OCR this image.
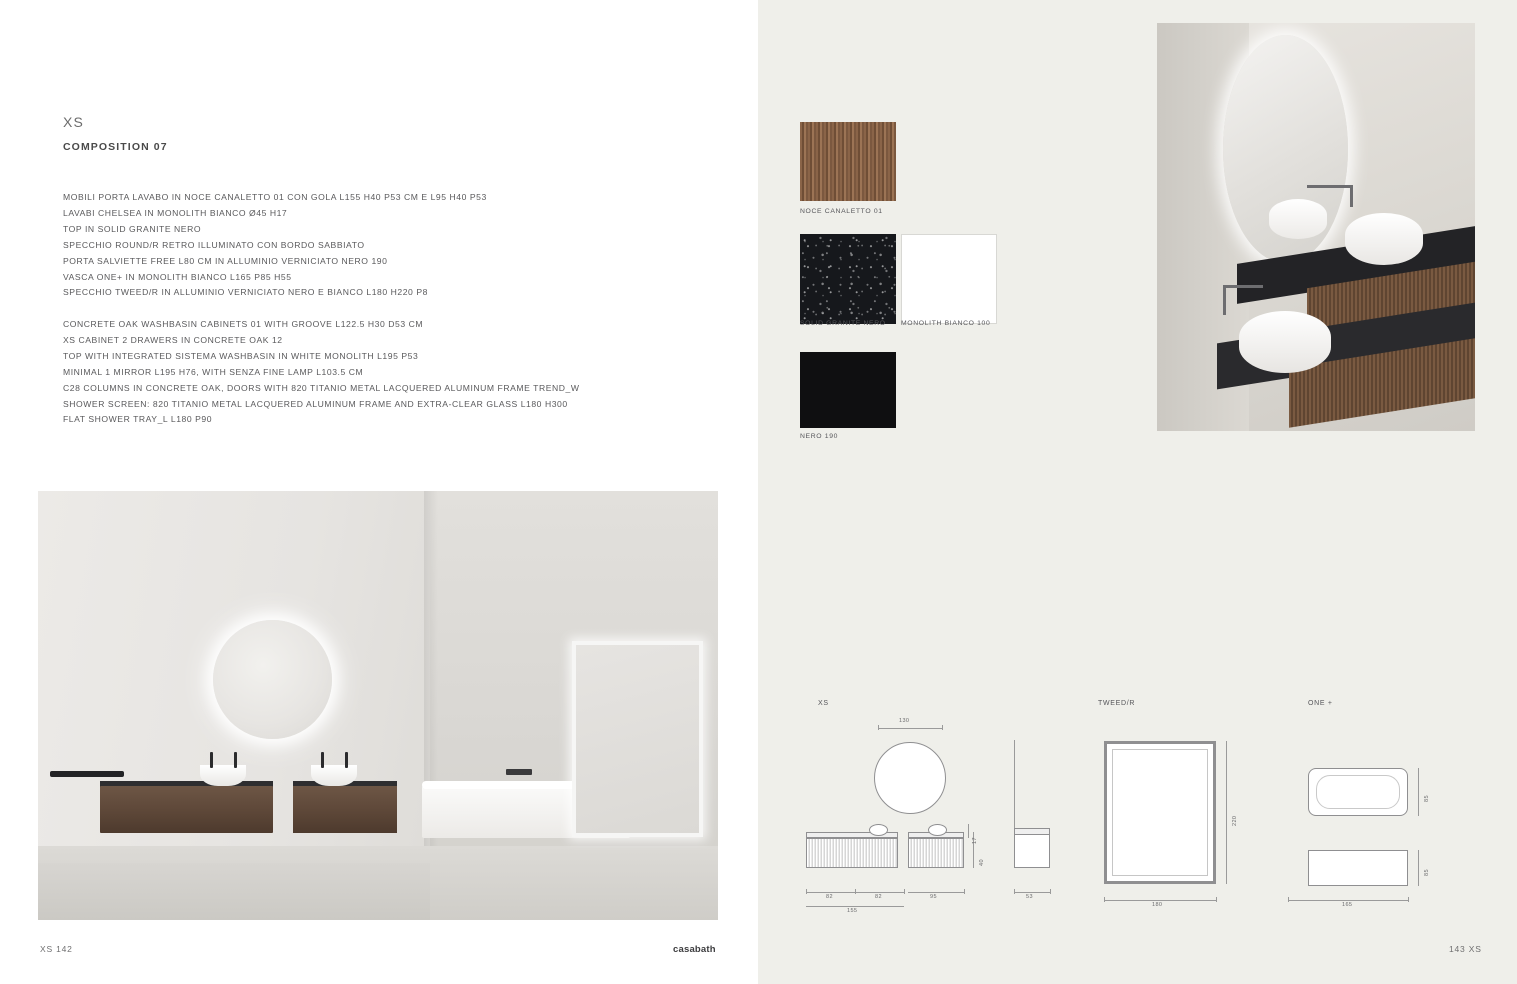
XS
COMPOSITION 07
MOBILI PORTA LAVABO IN NOCE CANALETTO 01 CON GOLA L155 H40 P53 CM E L95 H40 P53
LAVABI CHELSEA IN MONOLITH BIANCO Ø45 H17
TOP IN SOLID GRANITE NERO
SPECCHIO ROUND/R RETRO ILLUMINATO CON BORDO SABBIATO
PORTA SALVIETTE FREE L80 CM IN ALLUMINIO VERNICIATO NERO 190
VASCA ONE+ IN MONOLITH BIANCO L165 P85 H55
SPECCHIO TWEED/R IN ALLUMINIO VERNICIATO NERO E BIANCO L180 H220 P8
CONCRETE OAK WASHBASIN CABINETS 01 WITH GROOVE L122.5 H30 D53 CM
XS CABINET 2 DRAWERS IN CONCRETE OAK 12
TOP WITH INTEGRATED SISTEMA WASHBASIN IN WHITE MONOLITH L195 P53
MINIMAL 1 MIRROR L195 H76, WITH SENZA FINE LAMP L103.5 CM
C28 COLUMNS IN CONCRETE OAK, DOORS WITH 820 TITANIO METAL LACQUERED ALUMINUM FRAME TREND_W
SHOWER SCREEN: 820 TITANIO METAL LACQUERED ALUMINUM FRAME AND EXTRA-CLEAR GLASS L180 H300
FLAT SHOWER TRAY_L L180 P90
XS 142	casabath
NOCE CANALETTO 01
SOLID GRANITE NERO MONOLITH BIANCO 100
NERO 190
XS
130
82	82	95
155
40
17
53
TWEED/R
220
180
ONE +
85
85
165
143 XS
